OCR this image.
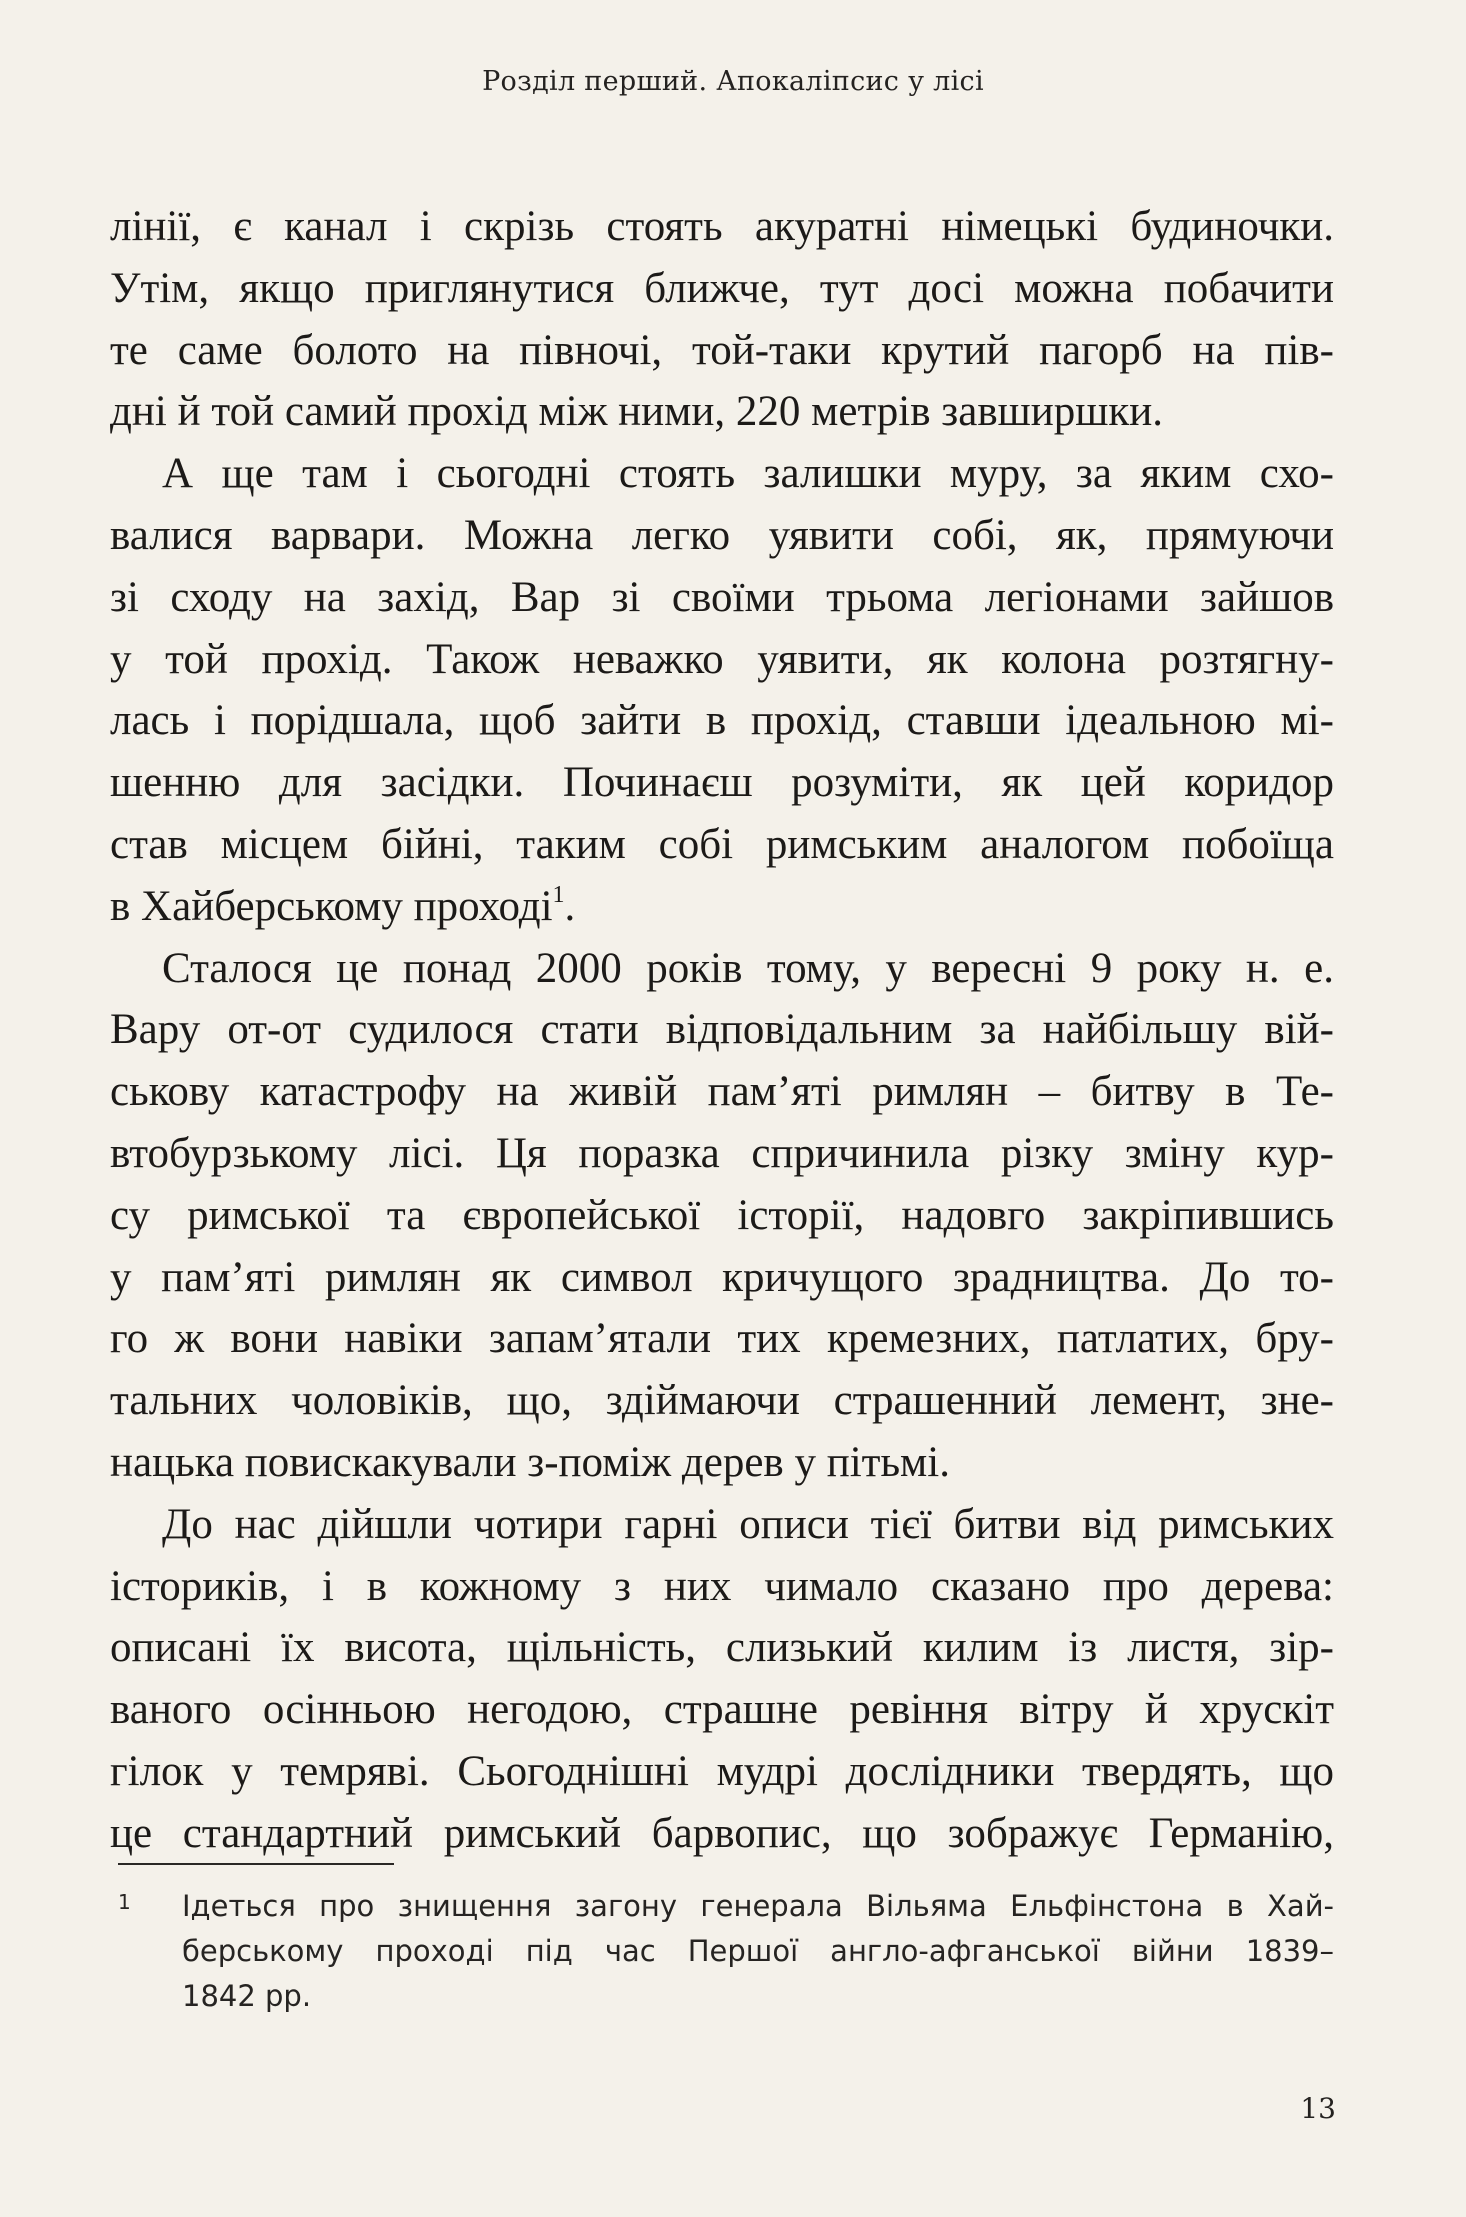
Розділ перший. Апокаліпсис у лісі
лінії, є канал і скрізь стоять акуратні німецькі будиночки.
Утім, якщо приглянутися ближче, тут досі можна побачити
те саме болото на півночі, той-таки крутий пагорб на пів-
дні й той самий прохід між ними, 220 метрів завширшки.
А ще там і сьогодні стоять залишки муру, за яким схо-
валися варвари. Можна легко уявити собі, як, прямуючи
зі сходу на захід, Вар зі своїми трьома легіонами зайшов
у той прохід. Також неважко уявити, як колона розтягну-
лась і порідшала, щоб зайти в прохід, ставши ідеальною мі-
шенню для засідки. Починаєш розуміти, як цей коридор
став місцем бійні, таким собі римським аналогом побоїща
в Хайберському проході$^1$.
Сталося це понад 2000 років тому, у вересні 9 року н. е.
Вару от-от судилося стати відповідальним за найбільшу вій-
ськову катастрофу на живій пам’яті римлян – битву в Те-
втобурзькому лісі. Ця поразка спричинила різку зміну кур-
су римської та європейської історії, надовго закріпившись
у пам’яті римлян як символ кричущого зрадництва. До то-
го ж вони навіки запам’ятали тих кремезних, патлатих, бру-
тальних чоловіків, що, здіймаючи страшенний лемент, зне-
нацька повискакували з-поміж дерев у пітьмі.
До нас дійшли чотири гарні описи тієї битви від римських
істориків, і в кожному з них чимало сказано про дерева:
описані їх висота, щільність, слизький килим із листя, зір-
ваного осінньою негодою, страшне ревіння вітру й хрускіт
гілок у темряві. Сьогоднішні мудрі дослідники твердять, що
це стандартний римський барвопис, що зображує Германію,
1 Ідеться про знищення загону генерала Вільяма Ельфінстона в Хай-
берському проході під час Першої англо-афганської війни 1839–
1842 рр.
13
